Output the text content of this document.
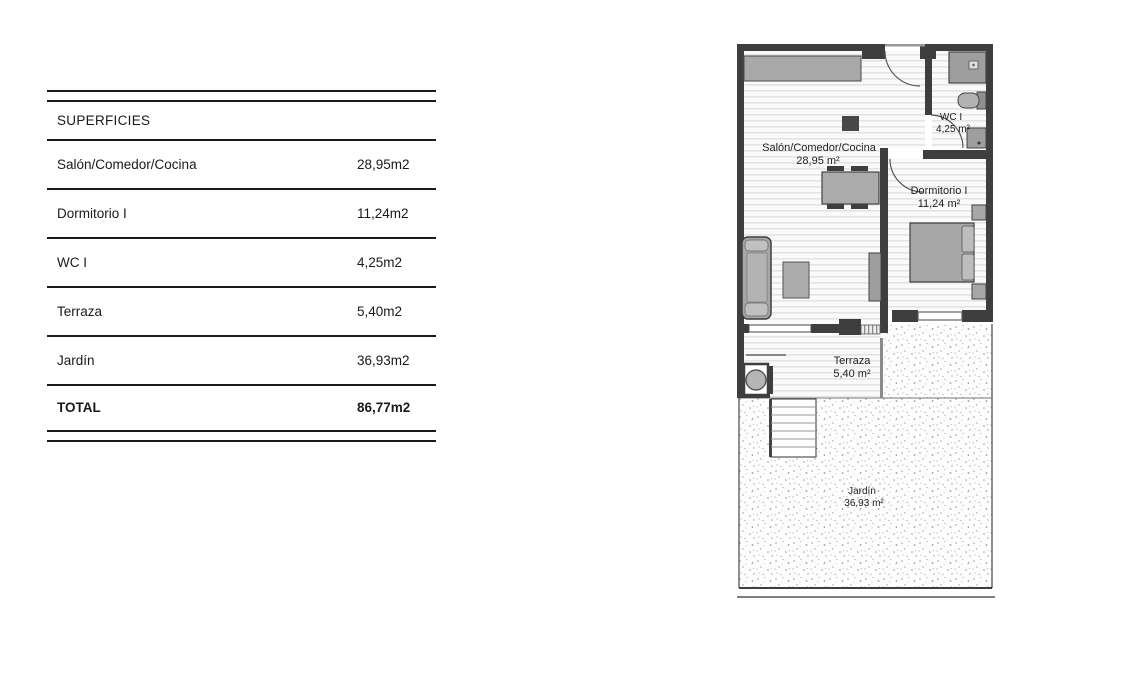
SUPERFICIES
Salón/Comedor/Cocina	28,95m2
Dormitorio I	11,24m2
WC I	4,25m2
Terraza	5,40m2
Jardín	36,93m2
TOTAL	86,77m2
Salón/Comedor/Cocina
28,95 m²
WC I
4,25 m²
Dormitorio I
11,24 m²
Terraza
5,40 m²
Jardín
36,93 m²
